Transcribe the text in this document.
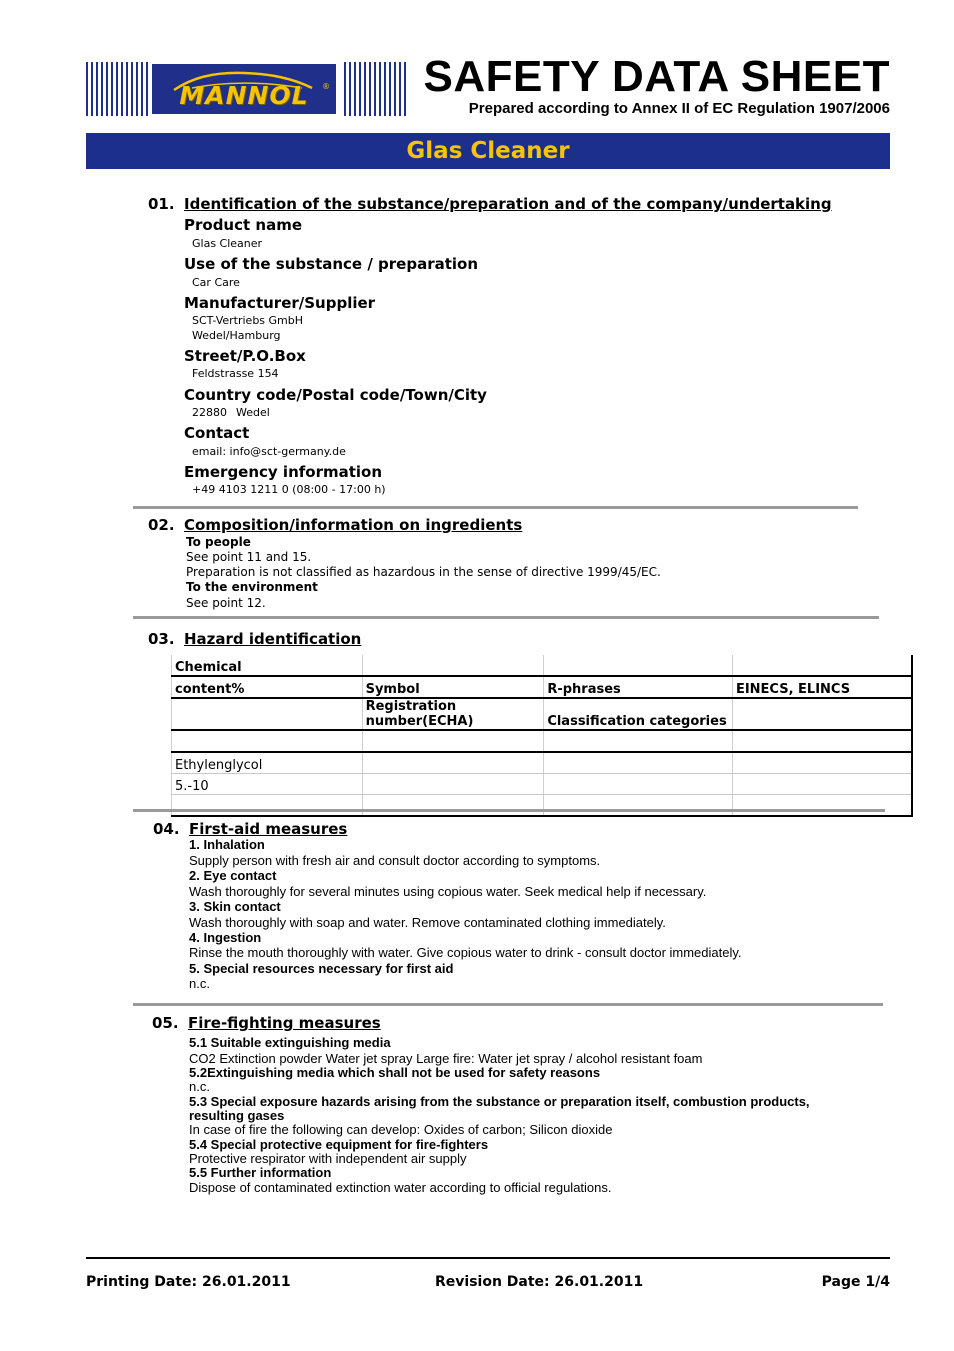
MANNOL	® SAFETY DATA SHEET
Prepared according to Annex II of EC Regulation 1907/2006
Glas Cleaner
01. Identification of the substance/preparation and of the company/undertaking
Product name
Glas Cleaner
Use of the substance / preparation
Car Care
Manufacturer/Supplier
SCT-Vertriebs GmbH
Wedel/Hamburg
Street/P.O.Box
Feldstrasse 154
Country code/Postal code/Town/City
22880 Wedel
Contact
email: info@sct-germany.de
Emergency information
+49 4103 1211 0 (08:00 - 17:00 h)
02. Composition/information on ingredients
To people
See point 11 and 15.
Preparation is not classified as hazardous in the sense of directive 1999/45/EC.
To the environment
See point 12.
03. Hazard identification
Chemical			
content%	Symbol	R-phrases	EINECS, ELINCS
	Registration number(ECHA)	Classification categories	

Ethylenglycol			
5.-10			

04. First-aid measures
1. Inhalation
Supply person with fresh air and consult doctor according to symptoms.
2. Eye contact
Wash thoroughly for several minutes using copious water. Seek medical help if necessary.
3. Skin contact
Wash thoroughly with soap and water. Remove contaminated clothing immediately.
4. Ingestion
Rinse the mouth thoroughly with water. Give copious water to drink - consult doctor immediately.
5. Special resources necessary for first aid
n.c.
05. Fire-fighting measures
5.1 Suitable extinguishing media
CO2 Extinction powder Water jet spray Large fire: Water jet spray / alcohol resistant foam
5.2Extinguishing media which shall not be used for safety reasons
n.c.
5.3 Special exposure hazards arising from the substance or preparation itself, combustion products,
resulting gases
In case of fire the following can develop: Oxides of carbon; Silicon dioxide
5.4 Special protective equipment for fire-fighters
Protective respirator with independent air supply
5.5 Further information
Dispose of contaminated extinction water according to official regulations.
Printing Date: 26.01.2011	Revision Date: 26.01.2011	Page 1/4
